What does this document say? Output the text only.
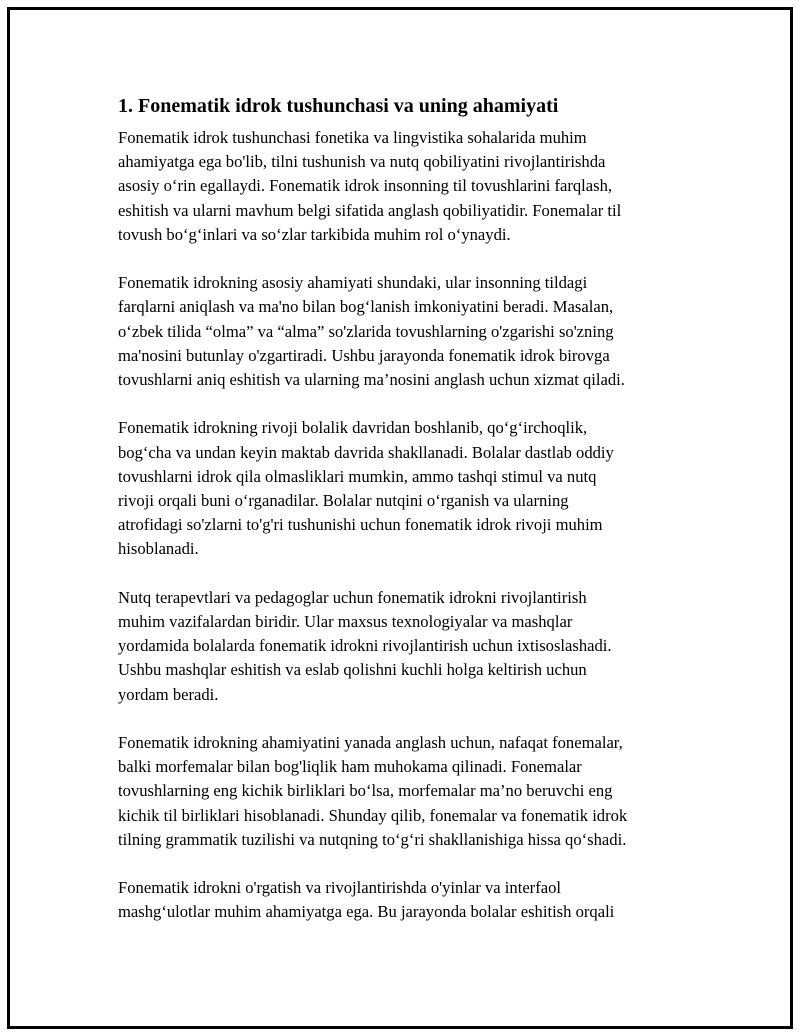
1. Fonematik idrok tushunchasi va uning ahamiyati

Fonematik idrok tushunchasi fonetika va lingvistika sohalarida muhim
ahamiyatga ega bo'lib, tilni tushunish va nutq qobiliyatini rivojlantirishda
asosiy o‘rin egallaydi. Fonematik idrok insonning til tovushlarini farqlash,
eshitish va ularni mavhum belgi sifatida anglash qobiliyatidir. Fonemalar til
tovush bo‘g‘inlari va so‘zlar tarkibida muhim rol o‘ynaydi.

Fonematik idrokning asosiy ahamiyati shundaki, ular insonning tildagi
farqlarni aniqlash va ma'no bilan bog‘lanish imkoniyatini beradi. Masalan,
o‘zbek tilida “olma” va “alma” so'zlarida tovushlarning o'zgarishi so'zning
ma'nosini butunlay o'zgartiradi. Ushbu jarayonda fonematik idrok birovga
tovushlarni aniq eshitish va ularning ma’nosini anglash uchun xizmat qiladi.

Fonematik idrokning rivoji bolalik davridan boshlanib, qo‘g‘irchoqlik,
bog‘cha va undan keyin maktab davrida shakllanadi. Bolalar dastlab oddiy
tovushlarni idrok qila olmasliklari mumkin, ammo tashqi stimul va nutq
rivoji orqali buni o‘rganadilar. Bolalar nutqini o‘rganish va ularning
atrofidagi so'zlarni to'g'ri tushunishi uchun fonematik idrok rivoji muhim
hisoblanadi.

Nutq terapevtlari va pedagoglar uchun fonematik idrokni rivojlantirish
muhim vazifalardan biridir. Ular maxsus texnologiyalar va mashqlar
yordamida bolalarda fonematik idrokni rivojlantirish uchun ixtisoslashadi.
Ushbu mashqlar eshitish va eslab qolishni kuchli holga keltirish uchun
yordam beradi.

Fonematik idrokning ahamiyatini yanada anglash uchun, nafaqat fonemalar,
balki morfemalar bilan bog'liqlik ham muhokama qilinadi. Fonemalar
tovushlarning eng kichik birliklari bo‘lsa, morfemalar ma’no beruvchi eng
kichik til birliklari hisoblanadi. Shunday qilib, fonemalar va fonematik idrok
tilning grammatik tuzilishi va nutqning to‘g‘ri shakllanishiga hissa qo‘shadi.

Fonematik idrokni o'rgatish va rivojlantirishda o'yinlar va interfaol
mashg‘ulotlar muhim ahamiyatga ega. Bu jarayonda bolalar eshitish orqali
